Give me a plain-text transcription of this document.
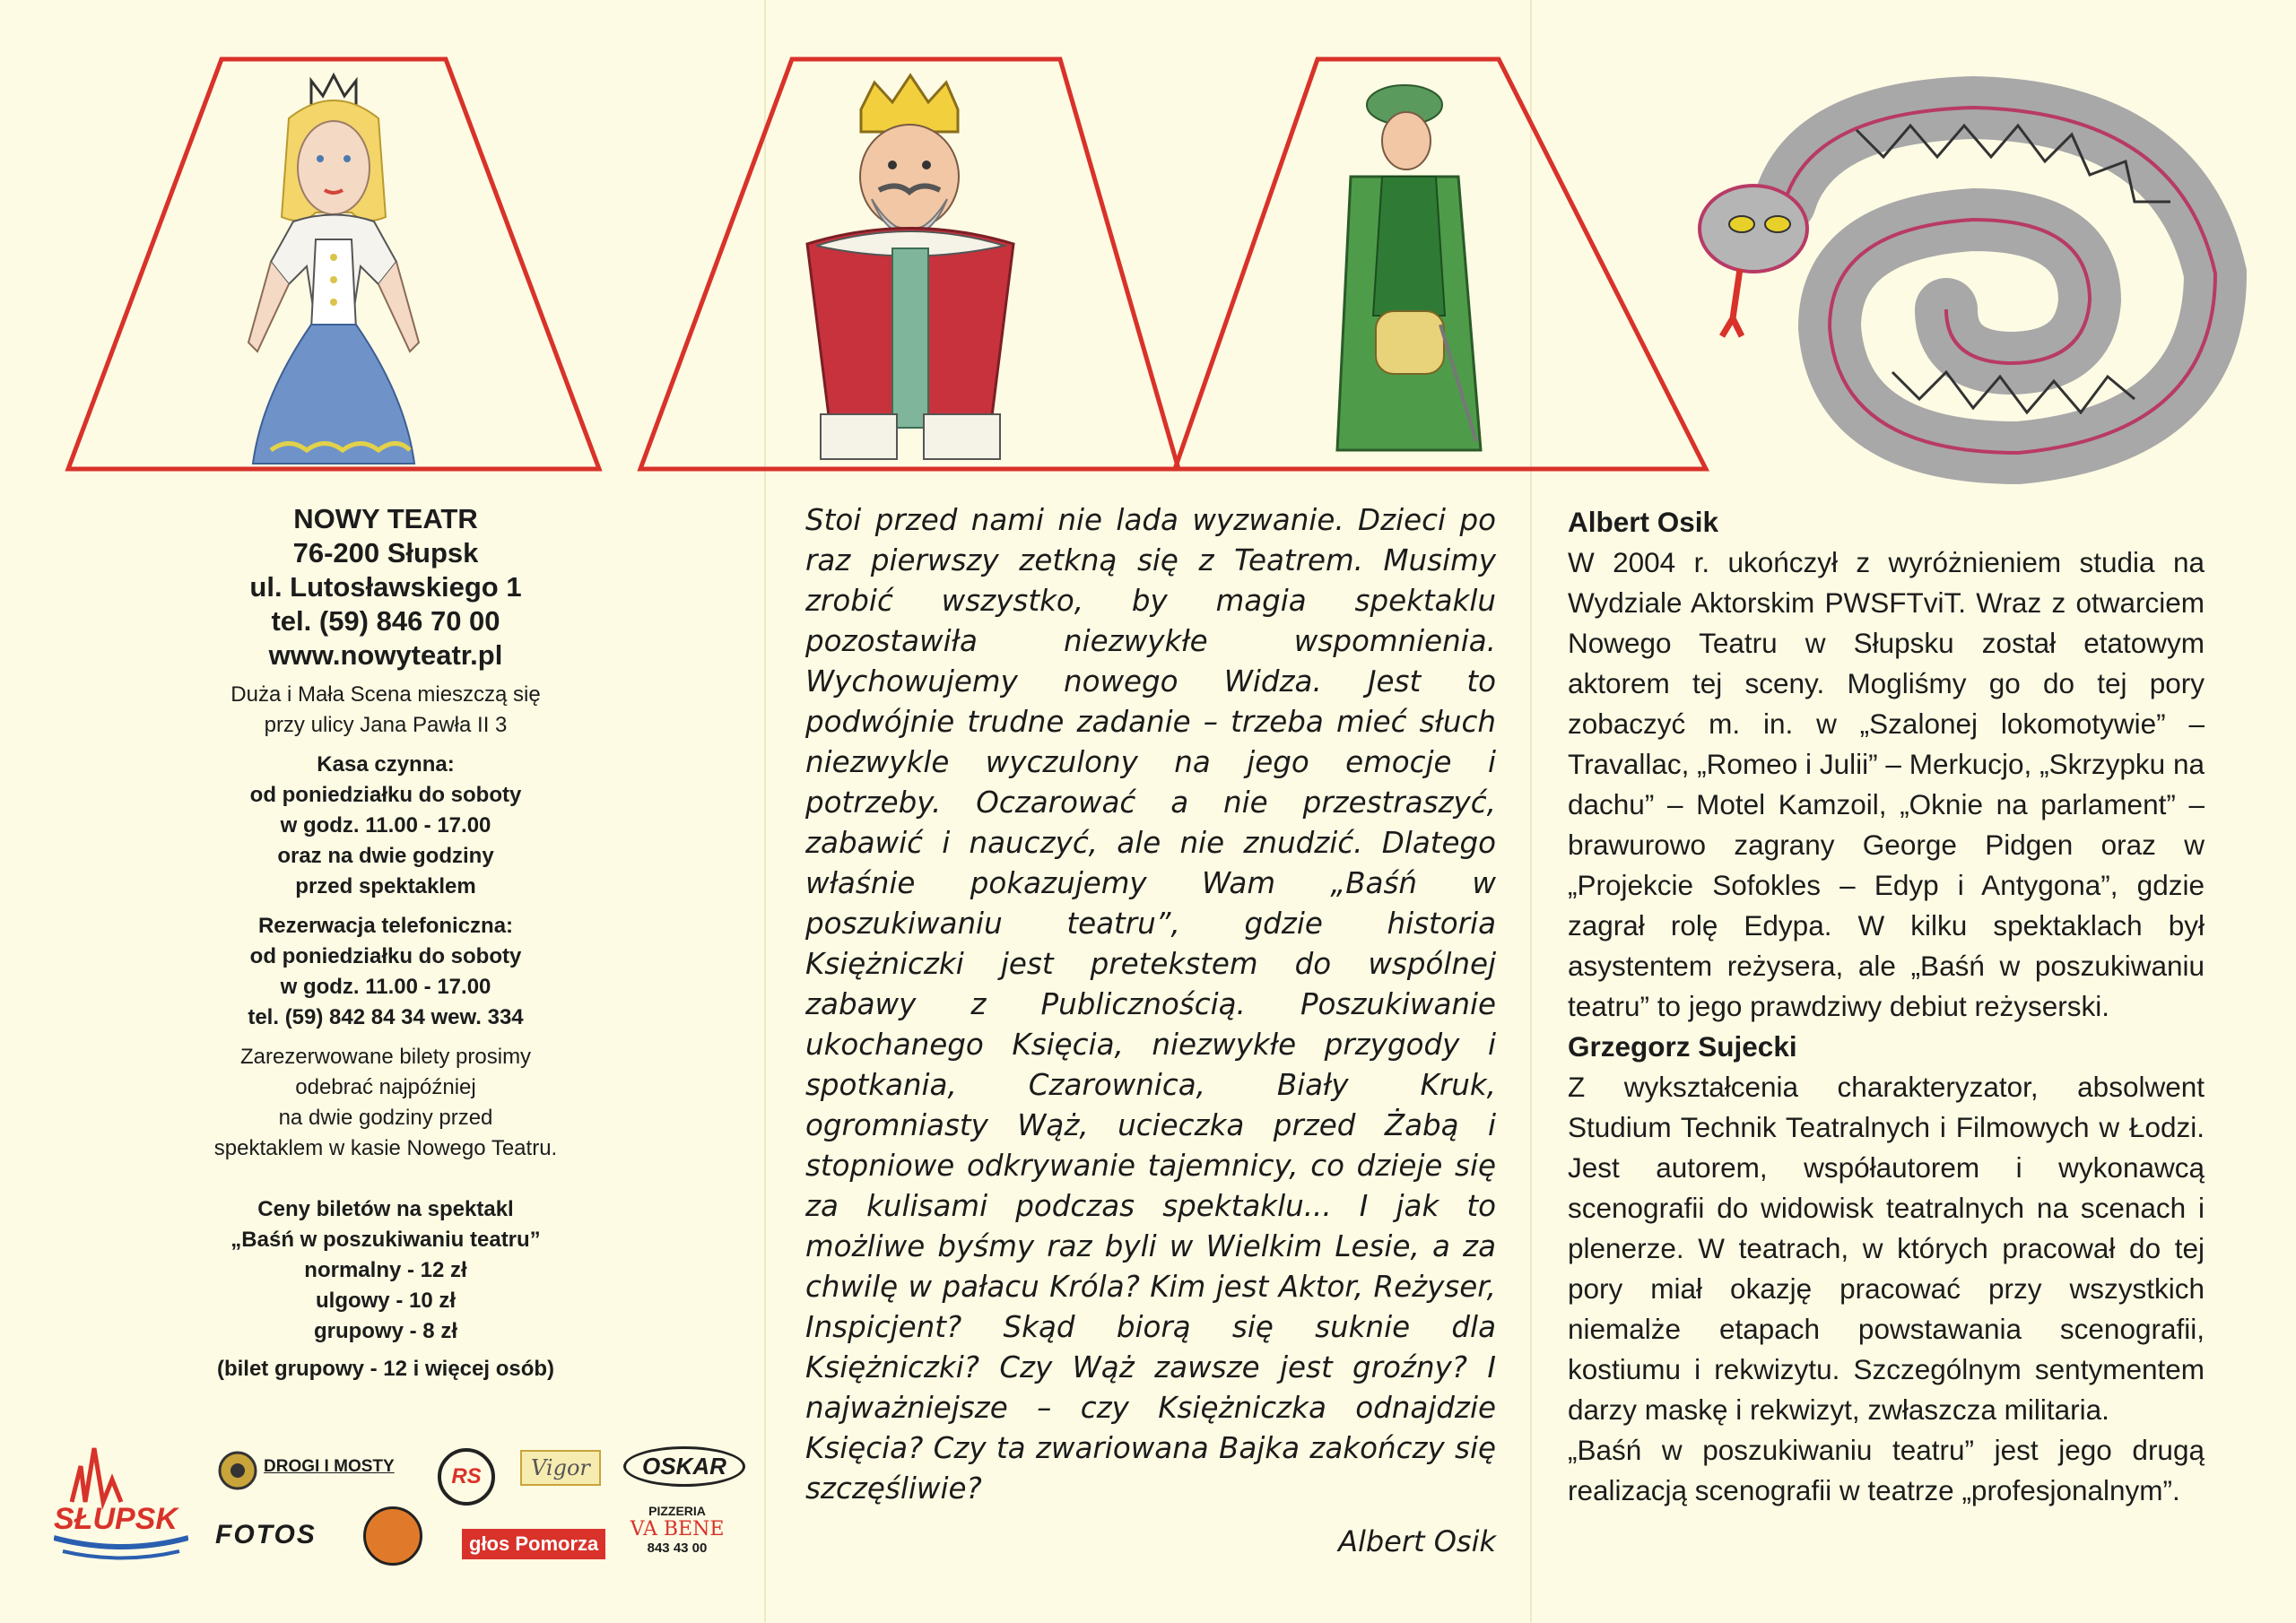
NOWY TEATR
76-200 Słupsk
ul. Lutosławskiego 1
tel. (59) 846 70 00
www.nowyteatr.pl
Duża i Mała Scena mieszczą się
przy ulicy Jana Pawła II 3
Kasa czynna:
od poniedziałku do soboty
w godz. 11.00 - 17.00
oraz na dwie godziny
przed spektaklem
Rezerwacja telefoniczna:
od poniedziałku do soboty
w godz. 11.00 - 17.00
tel. (59) 842 84 34 wew. 334
Zarezerwowane bilety prosimy
odebrać najpóźniej
na dwie godziny przed
spektaklem w kasie Nowego Teatru.
Ceny biletów na spektakl
„Baśń w poszukiwaniu teatru”
normalny - 12 zł
ulgowy - 10 zł
grupowy - 8 zł
(bilet grupowy - 12 i więcej osób)
SŁUPSK
DROGI I MOSTY	RS	Vigor	OSKAR
FOTOS	głos Pomorza
PIZZERIA
VA BENE
843 43 00
Stoi przed nami nie lada wyzwanie. Dzieci po raz pierwszy zetkną się z Teatrem. Musimy zrobić wszystko, by magia spektaklu pozostawiła niezwykłe wspomnienia. Wychowujemy nowego Widza. Jest to podwójnie trudne zadanie – trzeba mieć słuch niezwykle wyczulony na jego emocje i potrzeby. Oczarować a nie przestraszyć, zabawić i nauczyć, ale nie znudzić. Dlatego właśnie pokazujemy Wam „Baśń w poszukiwaniu teatru”, gdzie historia Księżniczki jest pretekstem do wspólnej zabawy z Publicznością. Poszukiwanie ukochanego Księcia, niezwykłe przygody i spotkania, Czarownica, Biały Kruk, ogromniasty Wąż, ucieczka przed Żabą i stopniowe odkrywanie tajemnicy, co dzieje się za kulisami podczas spektaklu... I jak to możliwe byśmy raz byli w Wielkim Lesie, a za chwilę w pałacu Króla? Kim jest Aktor, Reżyser, Inspicjent? Skąd biorą się suknie dla Księżniczki? Czy Wąż zawsze jest groźny? I najważniejsze – czy Księżniczka odnajdzie Księcia? Czy ta zwariowana Bajka zakończy się szczęśliwie?
Albert Osik
Albert Osik
W 2004 r. ukończył z wyróżnieniem studia na Wydziale Aktorskim PWSFTviT. Wraz z otwarciem Nowego Teatru w Słupsku został etatowym aktorem tej sceny. Mogliśmy go do tej pory zobaczyć m. in. w „Szalonej lokomotywie” – Travallac, „Romeo i Julii” – Merkucjo, „Skrzypku na dachu” – Motel Kamzoil, „Oknie na parlament” – brawurowo zagrany George Pidgen oraz w „Projekcie Sofokles – Edyp i Antygona”, gdzie zagrał rolę Edypa. W kilku spektaklach był asystentem reżysera, ale „Baśń w poszukiwaniu teatru” to jego prawdziwy debiut reżyserski.
Grzegorz Sujecki
Z wykształcenia charakteryzator, absolwent Studium Technik Teatralnych i Filmowych w Łodzi. Jest autorem, współautorem i wykonawcą scenografii do widowisk teatralnych na scenach i plenerze. W teatrach, w których pracował do tej pory miał okazję pracować przy wszystkich niemalże etapach powstawania scenografii, kostiumu i rekwizytu. Szczególnym sentymentem darzy maskę i rekwizyt, zwłaszcza militaria.
„Baśń w poszukiwaniu teatru” jest jego drugą realizacją scenografii w teatrze „profesjonalnym”.
